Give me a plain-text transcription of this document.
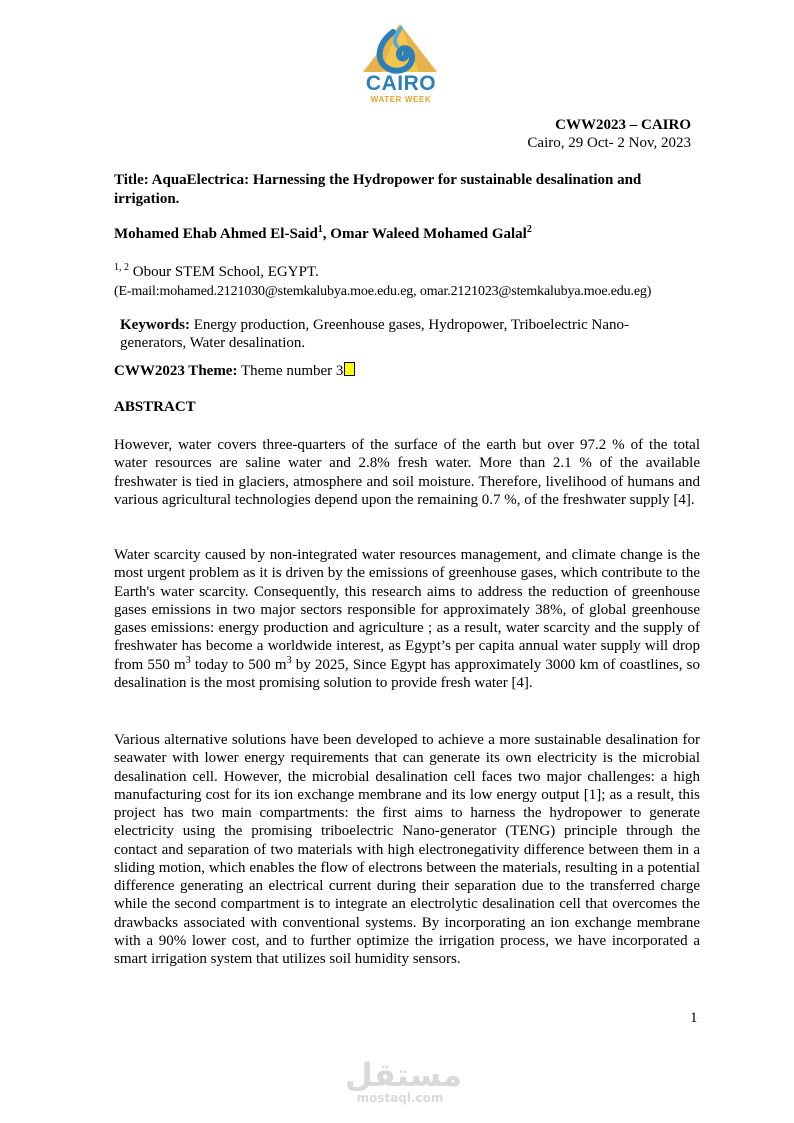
CAIRO
WATER WEEK
CWW2023 – CAIRO
Cairo, 29 Oct- 2 Nov, 2023
Title: AquaElectrica: Harnessing the Hydropower for sustainable desalination and irrigation.
Mohamed Ehab Ahmed El-Said$^1$, Omar Waleed Mohamed Galal$^2$
$^{1, 2}$ Obour STEM School, EGYPT.
(E-mail:mohamed.2121030@stemkalubya.moe.edu.eg, omar.2121023@stemkalubya.moe.edu.eg)
Keywords: Energy production, Greenhouse gases, Hydropower, Triboelectric Nano-generators, Water desalination.
CWW2023 Theme: Theme number 3
ABSTRACT
However, water covers three-quarters of the surface of the earth but over 97.2 % of the total water resources are saline water and 2.8% fresh water. More than 2.1 % of the available freshwater is tied in glaciers, atmosphere and soil moisture. Therefore, livelihood of humans and various agricultural technologies depend upon the remaining 0.7 %, of the freshwater supply [4].
Water scarcity caused by non-integrated water resources management, and climate change is the most urgent problem as it is driven by the emissions of greenhouse gases, which contribute to the Earth's water scarcity. Consequently, this research aims to address the reduction of greenhouse gases emissions in two major sectors responsible for approximately 38%, of global greenhouse gases emissions: energy production and agriculture ; as a result, water scarcity and the supply of freshwater has become a worldwide interest, as Egypt’s per capita annual water supply will drop from 550 $m^3$ today to 500 $m^3$ by 2025, Since Egypt has approximately 3000 km of coastlines, so desalination is the most promising solution to provide fresh water [4].
Various alternative solutions have been developed to achieve a more sustainable desalination for seawater with lower energy requirements that can generate its own electricity is the microbial desalination cell. However, the microbial desalination cell faces two major challenges: a high manufacturing cost for its ion exchange membrane and its low energy output [1]; as a result, this project has two main compartments: the first aims to harness the hydropower to generate electricity using the promising triboelectric Nano-generator (TENG) principle through the contact and separation of two materials with high electronegativity difference between them in a sliding motion, which enables the flow of electrons between the materials, resulting in a potential difference generating an electrical current during their separation due to the transferred charge while the second compartment is to integrate an electrolytic desalination cell that overcomes the drawbacks associated with conventional systems. By incorporating an ion exchange membrane with a 90% lower cost, and to further optimize the irrigation process, we have incorporated a smart irrigation system that utilizes soil humidity sensors.
1
مستقل
mostaql.com
